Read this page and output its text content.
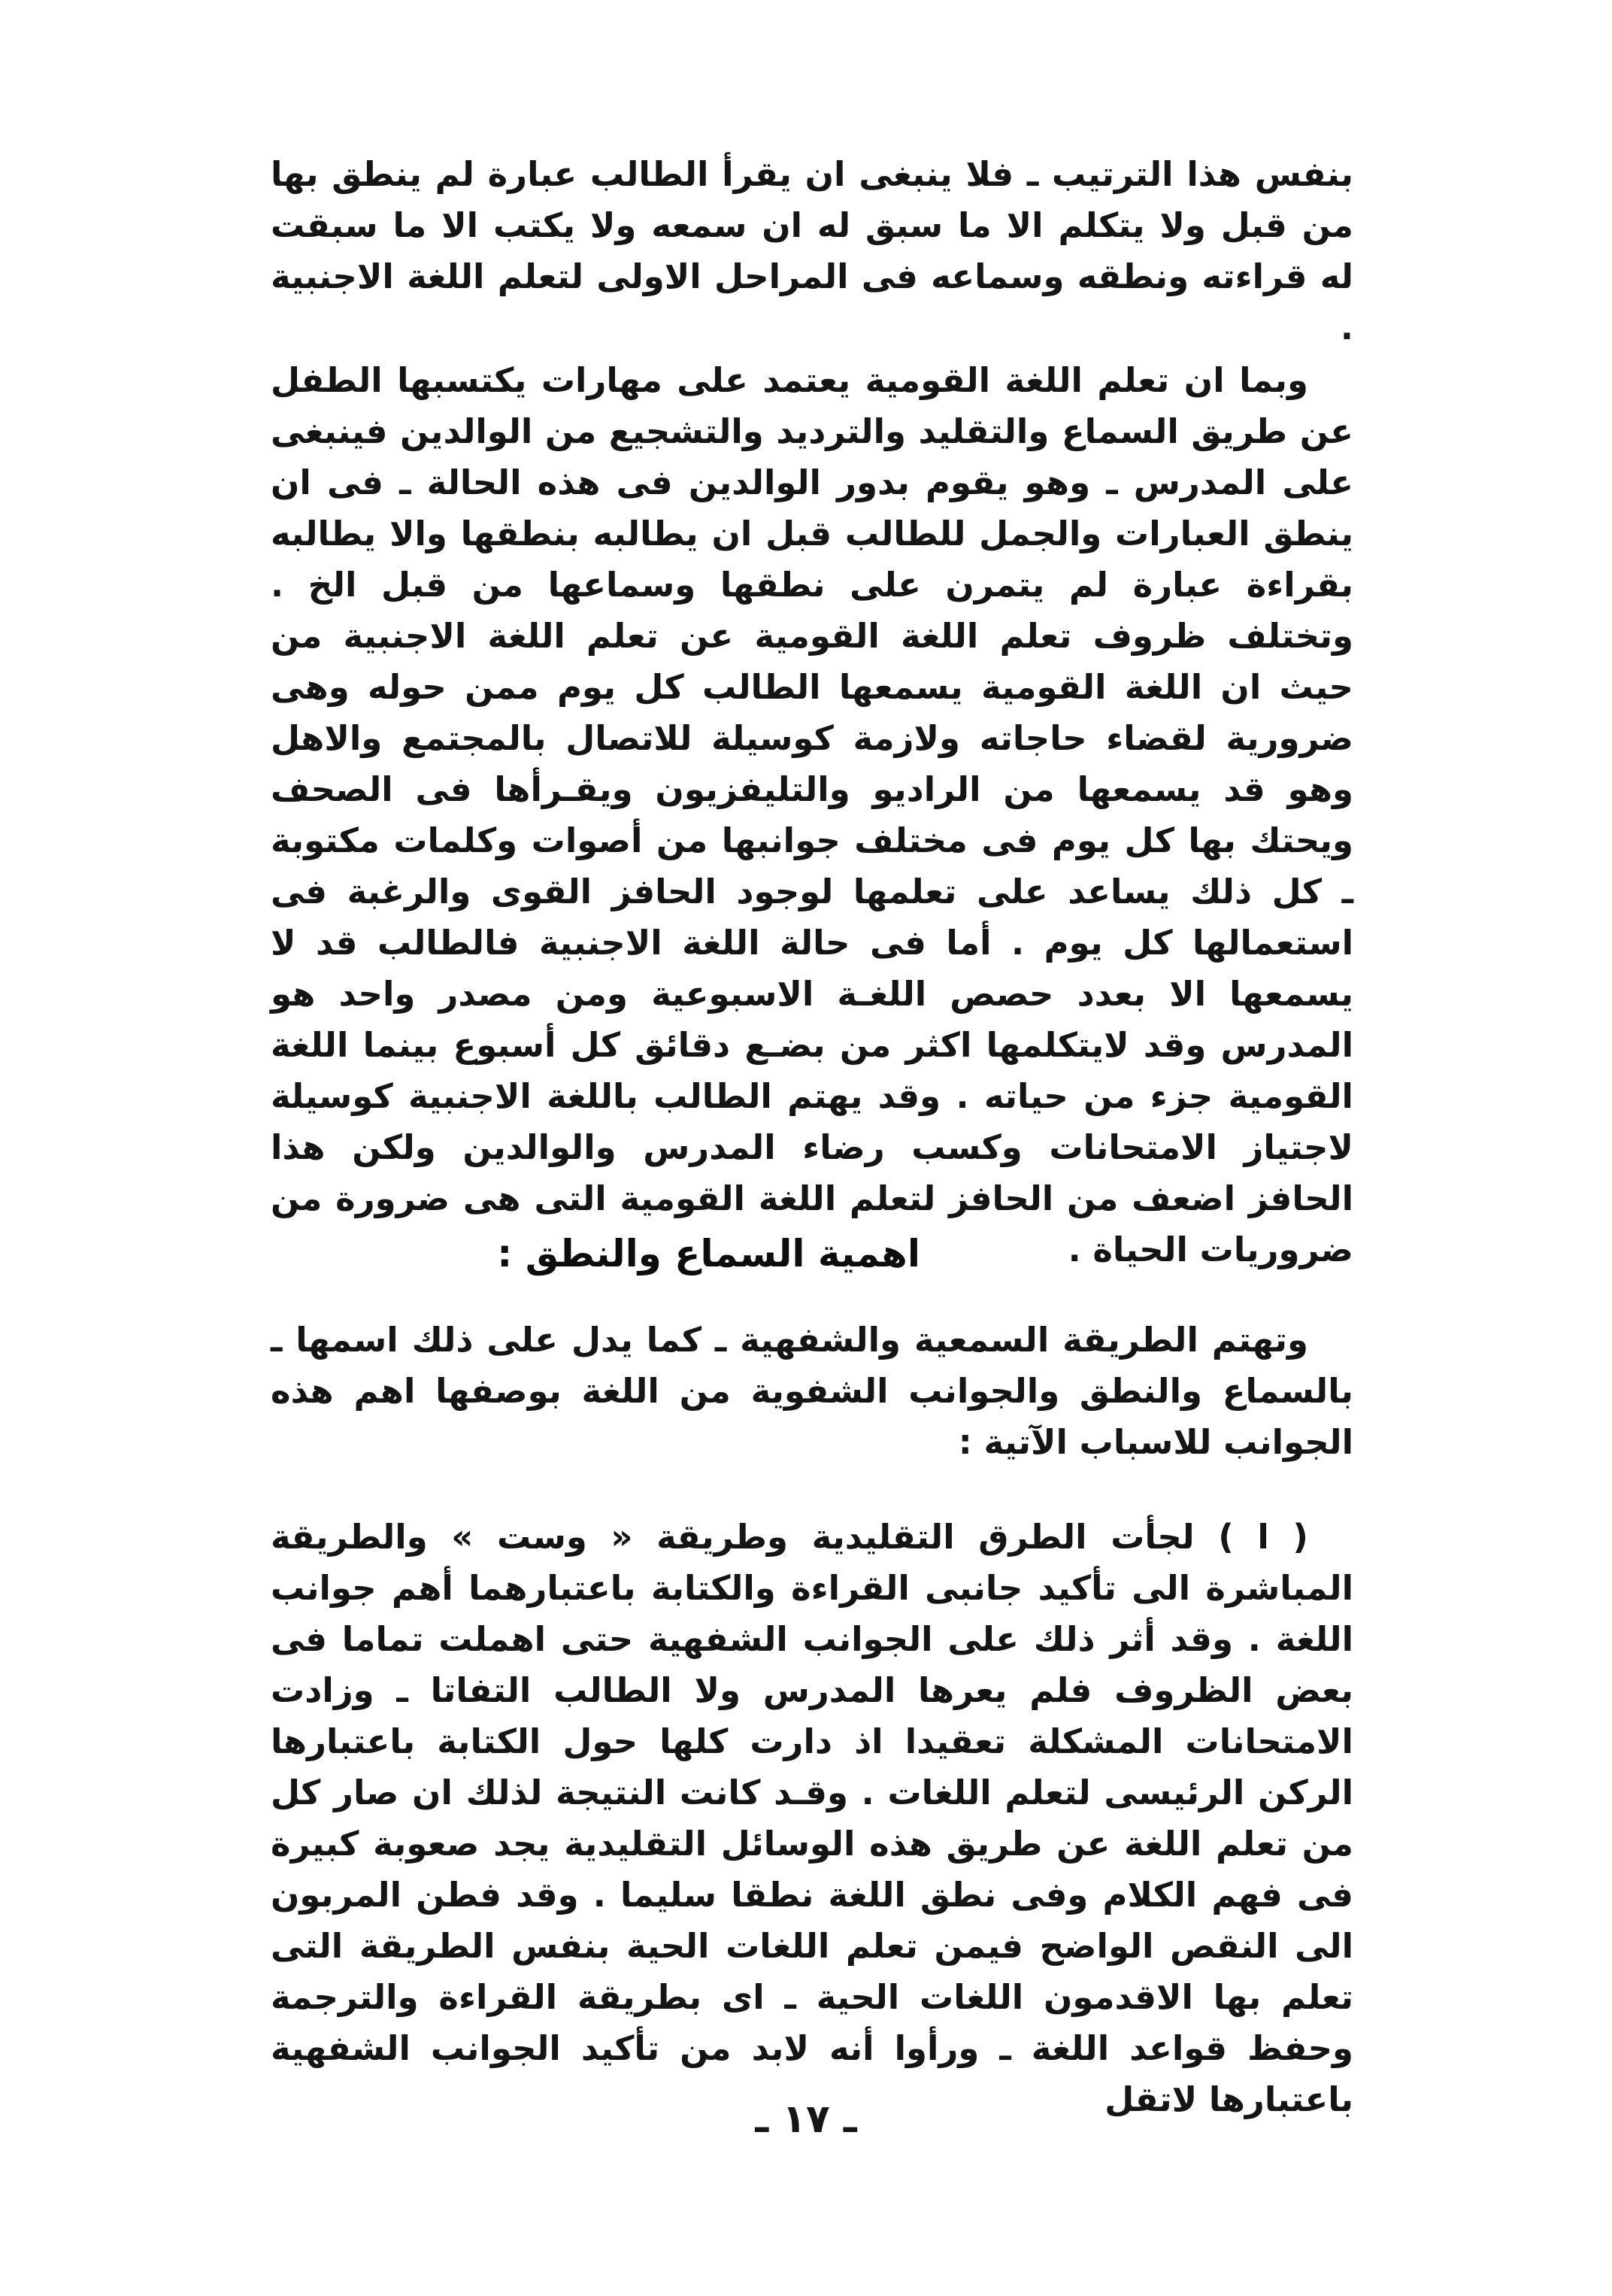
بنفس هذا الترتيب ـ فلا ينبغى ان يقرأ الطالب عبارة لم ينطق بها من قبل ولا يتكلم الا ما سبق له ان سمعه ولا يكتب الا ما سبقت له قراءته ونطقه وسماعه فى المراحل الاولى لتعلم اللغة الاجنبية .

وبما ان تعلم اللغة القومية يعتمد على مهارات يكتسبها الطفل عن طريق السماع والتقليد والترديد والتشجيع من الوالدين فينبغى على المدرس ـ وهو يقوم بدور الوالدين فى هذه الحالة ـ فى ان ينطق العبارات والجمل للطالب قبل ان يطالبه بنطقها والا يطالبه بقراءة عبارة لم يتمرن على نطقها وسماعها من قبل الخ . وتختلف ظروف تعلم اللغة القومية عن تعلم اللغة الاجنبية من حيث ان اللغة القومية يسمعها الطالب كل يوم ممن حوله وهى ضرورية لقضاء حاجاته ولازمة كوسيلة للاتصال بالمجتمع والاهل وهو قد يسمعها من الراديو والتليفزيون ويقـرأها فى الصحف ويحتك بها كل يوم فى مختلف جوانبها من أصوات وكلمات مكتوبة ـ كل ذلك يساعد على تعلمها لوجود الحافز القوى والرغبة فى استعمالها كل يوم . أما فى حالة اللغة الاجنبية فالطالب قد لا يسمعها الا بعدد حصص اللغـة الاسبوعية ومن مصدر واحد هو المدرس وقد لايتكلمها اكثر من بضـع دقائق كل أسبوع بينما اللغة القومية جزء من حياته . وقد يهتم الطالب باللغة الاجنبية كوسيلة لاجتياز الامتحانات وكسب رضاء المدرس والوالدين ولكن هذا الحافز اضعف من الحافز لتعلم اللغة القومية التى هى ضرورة من ضروريات الحياة .

اهمية السماع والنطق :

وتهتم الطريقة السمعية والشفهية ـ كما يدل على ذلك اسمها ـ بالسماع والنطق والجوانب الشفوية من اللغة بوصفها اهم هذه الجوانب للاسباب الآتية :

( ا ) لجأت الطرق التقليدية وطريقة « وست » والطريقة المباشرة الى تأكيد جانبى القراءة والكتابة باعتبارهما أهم جوانب اللغة . وقد أثر ذلك على الجوانب الشفهية حتى اهملت تماما فى بعض الظروف فلم يعرها المدرس ولا الطالب التفاتا ـ وزادت الامتحانات المشكلة تعقيدا اذ دارت كلها حول الكتابة باعتبارها الركن الرئيسى لتعلم اللغات . وقـد كانت النتيجة لذلك ان صار كل من تعلم اللغة عن طريق هذه الوسائل التقليدية يجد صعوبة كبيرة فى فهم الكلام وفى نطق اللغة نطقا سليما . وقد فطن المربون الى النقص الواضح فيمن تعلم اللغات الحية بنفس الطريقة التى تعلم بها الاقدمون اللغات الحية ـ اى بطريقة القراءة والترجمة وحفظ قواعد اللغة ـ ورأوا أنه لابد من تأكيد الجوانب الشفهية باعتبارها لاتقل

ـ ١٧ ـ
